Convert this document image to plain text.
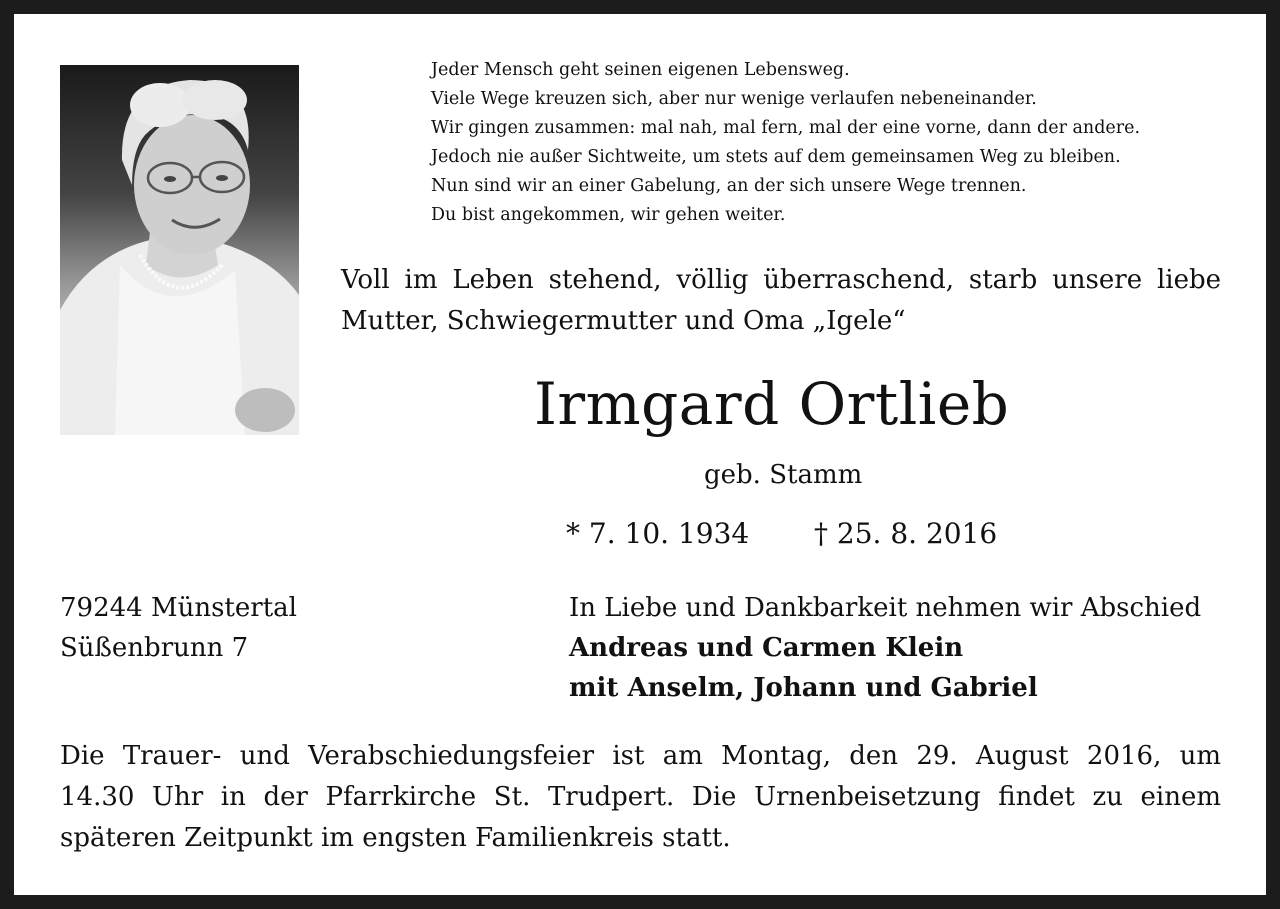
Jeder Mensch geht seinen eigenen Lebensweg.
Viele Wege kreuzen sich, aber nur wenige verlaufen nebeneinander.
Wir gingen zusammen: mal nah, mal fern, mal der eine vorne, dann der andere.
Jedoch nie außer Sichtweite, um stets auf dem gemeinsamen Weg zu bleiben.
Nun sind wir an einer Gabelung, an der sich unsere Wege trennen.
Du bist angekommen, wir gehen weiter.

Voll im Leben stehend, völlig überraschend, starb unsere liebe Mutter, Schwiegermutter und Oma „Igele“

Irmgard Ortlieb
geb. Stamm
* 7. 10. 1934 † 25. 8. 2016
79244 Münstertal
Süßenbrunn 7
In Liebe und Dankbarkeit nehmen wir Abschied
Andreas und Carmen Klein
mit Anselm, Johann und Gabriel
Die Trauer- und Verabschiedungsfeier ist am Montag, den 29. August 2016, um
14.30 Uhr in der Pfarrkirche St. Trudpert. Die Urnenbeisetzung findet zu einem
späteren Zeitpunkt im engsten Familienkreis statt.
